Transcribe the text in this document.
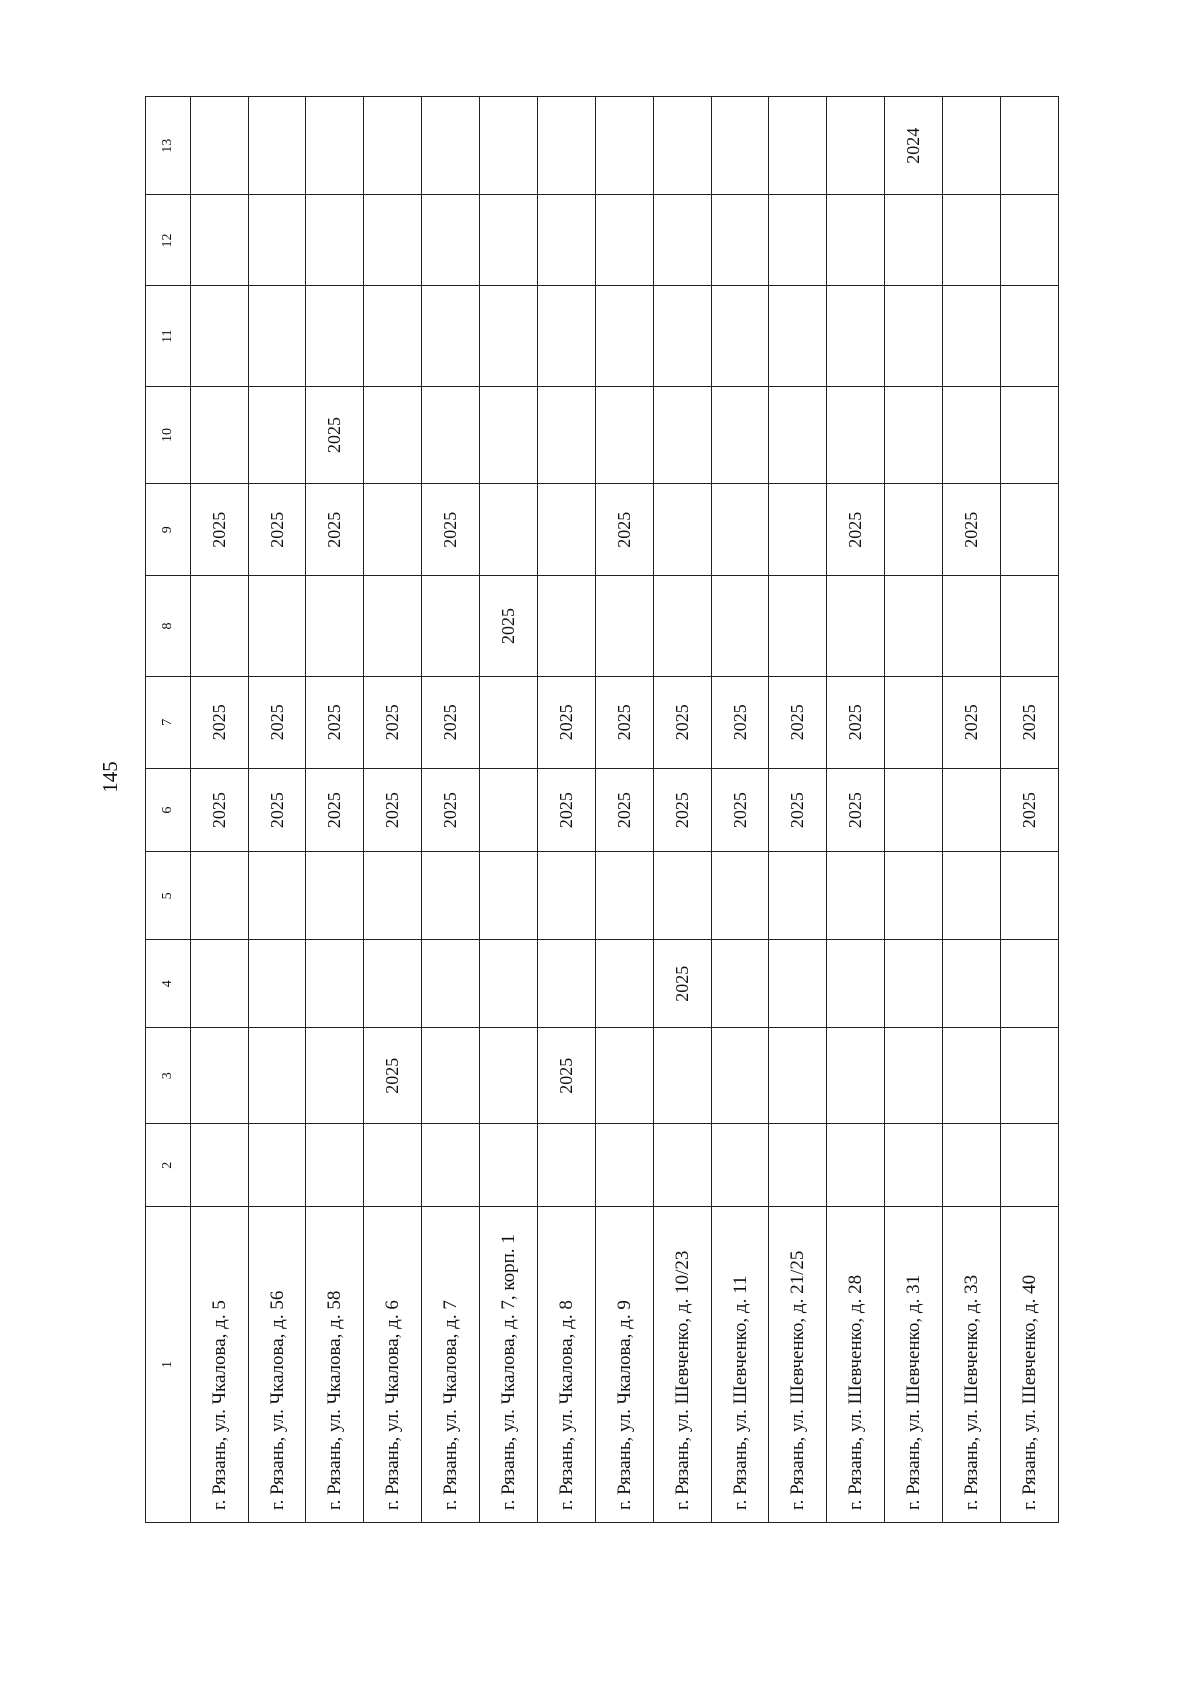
145
1	2	3	4	5	6	7	8	9	10	11	12	13
г. Рязань, ул. Чкалова, д. 5					2025	2025		2025				
г. Рязань, ул. Чкалова, д. 56					2025	2025		2025				
г. Рязань, ул. Чкалова, д. 58					2025	2025		2025	2025			
г. Рязань, ул. Чкалова, д. 6		2025			2025	2025						
г. Рязань, ул. Чкалова, д. 7					2025	2025		2025				
г. Рязань, ул. Чкалова, д. 7, корп. 1							2025					
г. Рязань, ул. Чкалова, д. 8		2025			2025	2025						
г. Рязань, ул. Чкалова, д. 9					2025	2025		2025				
г. Рязань, ул. Шевченко, д. 10/23			2025		2025	2025						
г. Рязань, ул. Шевченко, д. 11					2025	2025						
г. Рязань, ул. Шевченко, д. 21/25					2025	2025						
г. Рязань, ул. Шевченко, д. 28					2025	2025		2025				
г. Рязань, ул. Шевченко, д. 31												2024
г. Рязань, ул. Шевченко, д. 33						2025		2025				
г. Рязань, ул. Шевченко, д. 40					2025	2025						
